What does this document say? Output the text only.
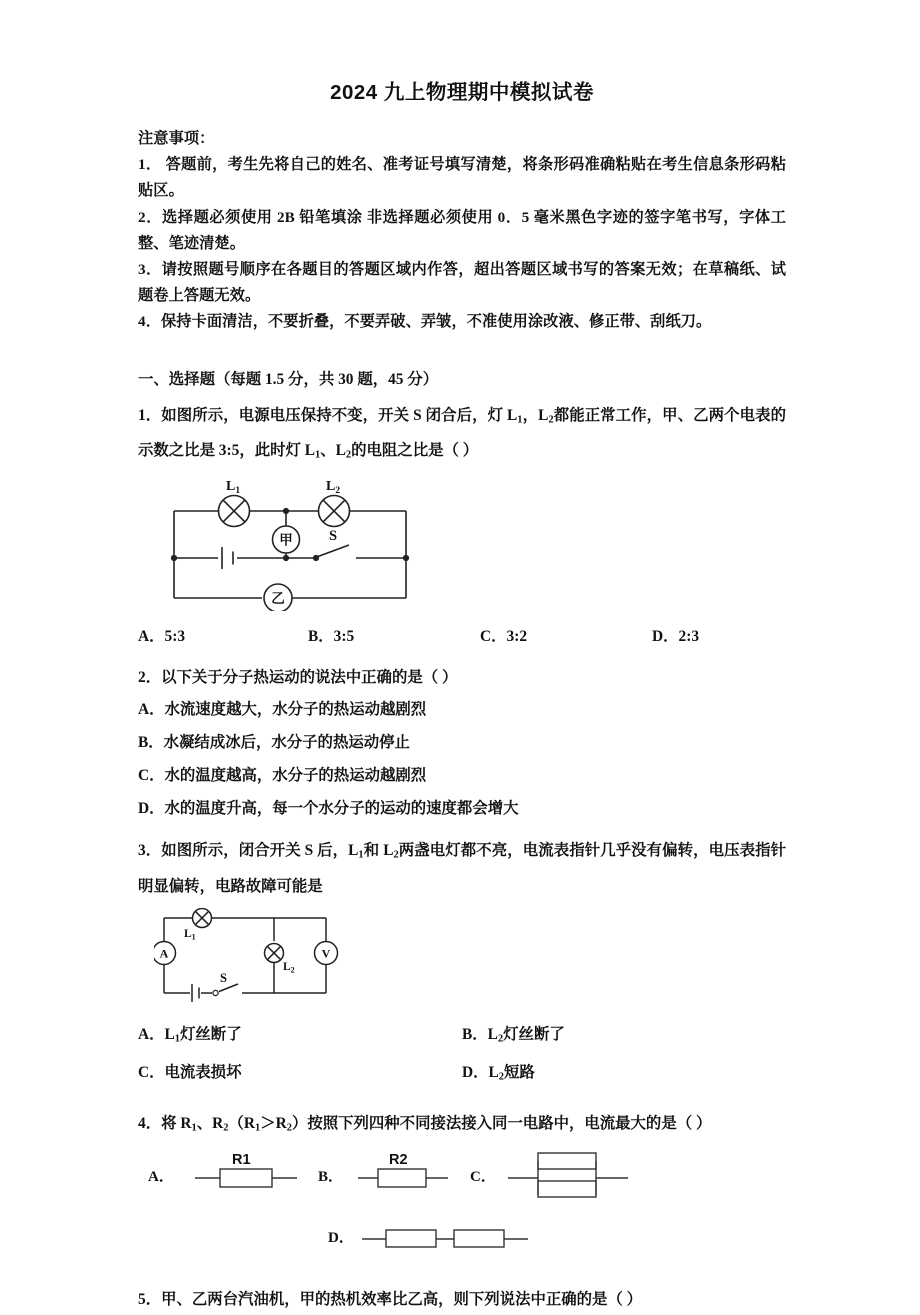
2024 九上物理期中模拟试卷

注意事项：

1． 答题前，考生先将自己的姓名、准考证号填写清楚，将条形码准确粘贴在考生信息条形码粘贴区。

2．选择题必须使用 2B 铅笔填涂 非选择题必须使用 0．5 毫米黑色字迹的签字笔书写，字体工整、笔迹清楚。

3．请按照题号顺序在各题目的答题区域内作答，超出答题区域书写的答案无效；在草稿纸、试题卷上答题无效。

4．保持卡面清洁，不要折叠，不要弄破、弄皱，不准使用涂改液、修正带、刮纸刀。

一、选择题（每题 1.5 分，共 30 题，45 分）

1．如图所示，电源电压保持不变，开关 S 闭合后，灯 $L_1$，$L_2$都能正常工作，甲、乙两个电表的示数之比是 3:5，此时灯 $L_1$、$L_2$的电阻之比是（ ）

$L_1$	$L_2$
甲
乙
S
A．5:3	B．3:5	C．3:2	D．2:3

2．以下关于分子热运动的说法中正确的是（ ）

A．水流速度越大，水分子的热运动越剧烈

B．水凝结成冰后，水分子的热运动停止

C．水的温度越高，水分子的热运动越剧烈

D．水的温度升高，每一个水分子的运动的速度都会增大

3．如图所示，闭合开关 S 后，$L_1$和 $L_2$两盏电灯都不亮，电流表指针几乎没有偏转，电压表指针明显偏转，电路故障可能是

$L_1$
$L_2$
A	V
S
A．$L_1$灯丝断了	B．$L_2$灯丝断了
C．电流表损坏	D．$L_2$短路

4．将 $R_1$、$R_2(R_1>R_2)$按照下列四种不同接法接入同一电路中，电流最大的是（ ）

A．
R1
B．
R2
C．
D．

5．甲、乙两台汽油机，甲的热机效率比乙高，则下列说法中正确的是（ ）
